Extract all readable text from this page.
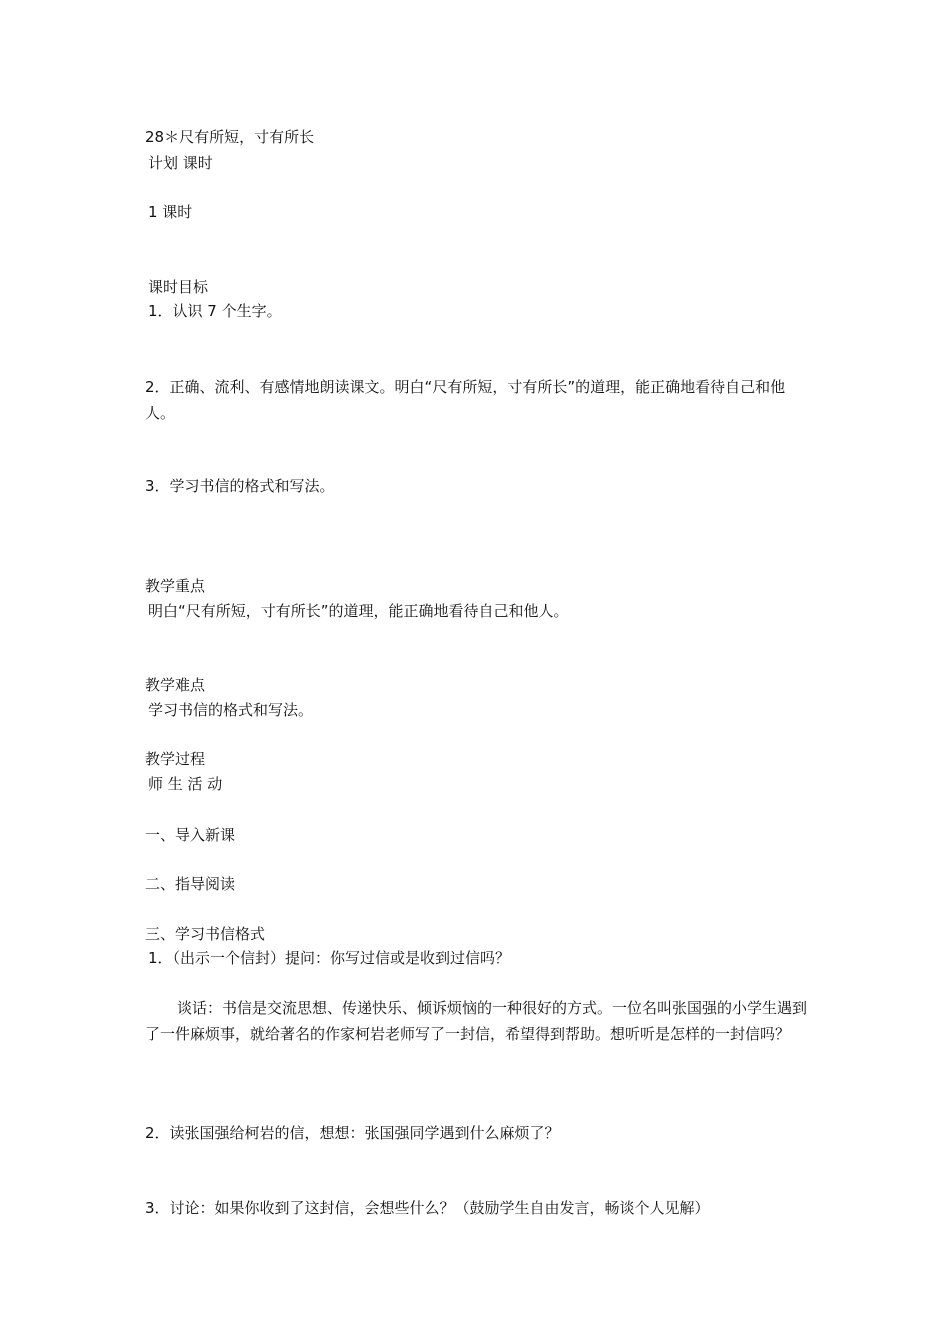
28＊尺有所短，寸有所长
计划 课时
1 课时
课时目标
1．认识 7 个生字。
2．正确、流利、有感情地朗读课文。明白“尺有所短，寸有所长”的道理，能正确地看待自己和他人。
3．学习书信的格式和写法。
教学重点
明白“尺有所短，寸有所长”的道理，能正确地看待自己和他人。
教学难点
学习书信的格式和写法。
教学过程
师 生 活 动
一、导入新课
二、指导阅读
三、学习书信格式
1．（出示一个信封）提问：你写过信或是收到过信吗？
谈话：书信是交流思想、传递快乐、倾诉烦恼的一种很好的方式。一位名叫张国强的小学生遇到了一件麻烦事，就给著名的作家柯岩老师写了一封信，希望得到帮助。想听听是怎样的一封信吗？
2．读张国强给柯岩的信，想想：张国强同学遇到什么麻烦了？
3．讨论：如果你收到了这封信，会想些什么？（鼓励学生自由发言，畅谈个人见解）
